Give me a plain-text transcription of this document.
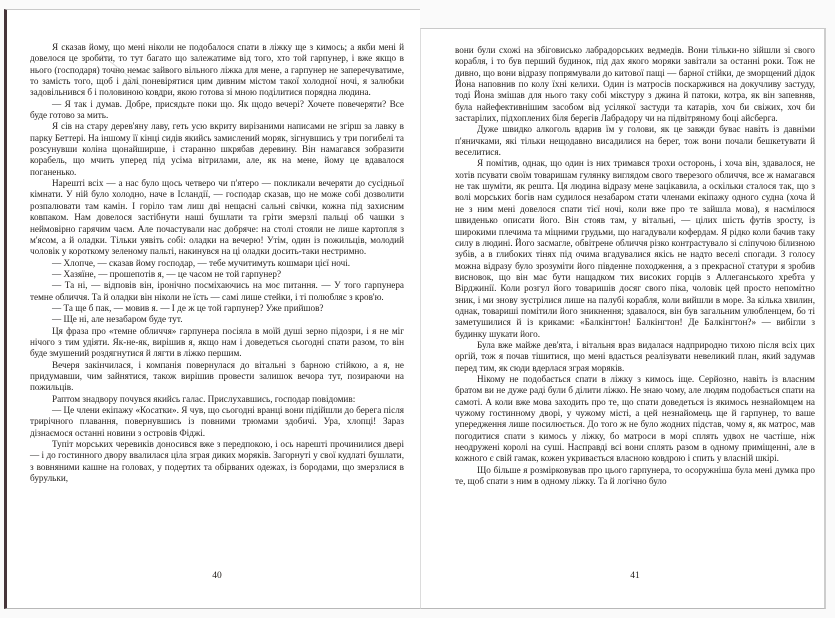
Я сказав йому, що мені ніколи не подобалося спати в ліжку ще з кимось; а якби мені й довелося це зробити, то тут багато що залежатиме від того, хто той гарпунер, і вже якщо в нього (господаря) точно немає зайвого вільного ліжка для мене, а гарпунер не заперечуватиме, то замість того, щоб і далі поневірятися цим дивним містом такої холодної ночі, я залюбки задовільнився б і половиною ковдри, якою готова зі мною поділитися порядна людина.

— Я так і думав. Добре, присядьте поки що. Як щодо вечері? Хочете повечеряти? Все буде готово за мить.

Я сів на стару дерев'яну лаву, геть усю вкриту вирізаними написами не згірш за лавку в парку Беттері. На іншому її кінці сидів якийсь замислений моряк, зігнувшись у три погибелі та розсунувши коліна щонайширше, і старанно шкрябав деревину. Він намагався зобразити корабель, що мчить уперед під усіма вітрилами, але, як на мене, йому це вдавалося поганенько.

Нарешті всіх — а нас було щось четверо чи п'ятеро — покликали вечеряти до сусідньої кімнати. У ній було холодно, наче в Ісландії, — господар сказав, що не може собі дозволити розпалювати там камін. І горіло там лиш дві нещасні сальні свічки, кожна під захисним ковпаком. Нам довелося застібнути наші бушлати та гріти змерзлі пальці об чашки з неймовірно гарячим чаєм. Але почастували нас добряче: на столі стояли не лише картопля з м'ясом, а й оладки. Тільки уявіть собі: оладки на вечерю! Утім, один із пожильців, молодий чоловік у короткому зеленому пальті, накинувся на ці оладки досить-таки нестримно.

— Хлопче, — сказав йому господар, — тебе мучитимуть кошмари цієї ночі.

— Хазяїне, — прошепотів я, — це часом не той гарпунер?

— Та ні, — відповів він, іронічно посміхаючись на моє питання. — У того гарпунера темне обличчя. Та й оладки він ніколи не їсть — самі лише стейки, і ті полюбляє з кров'ю.

— Та ще б пак, — мовив я. — І де ж це той гарпунер? Уже прийшов?

— Ще ні, але незабаром буде тут.

Ця фраза про «темне обличчя» гарпунера посіяла в моїй душі зерно підозри, і я не міг нічого з тим удіяти. Як-не-як, вирішив я, якщо нам і доведеться сьогодні спати разом, то він буде змушений роздягнутися й лягти в ліжко першим.

Вечеря закінчилася, і компанія повернулася до вітальні з барною стійкою, а я, не придумавши, чим зайнятися, також вирішив провести залишок вечора тут, позираючи на пожильців.

Раптом знадвору почувся якийсь галас. Прислухавшись, господар повідомив:

— Це члени екіпажу «Косатки». Я чув, що сьогодні вранці вони підійшли до берега після трирічного плавання, повернувшись із повними трюмами здобичі. Ура, хлопці! Зараз дізнаємося останні новини з островів Фіджі.

Тупіт морських черевиків доносився вже з передпокою, і ось нарешті прочинилися двері — і до гостинного двору ввалилася ціла зграя диких моряків. Загорнуті у свої кудлаті бушлати, з вовняними кашне на головах, у подертих та обірваних одежах, із бородами, що змерзлися в бурульки,

40

вони були схожі на збіговисько лабрадорських ведмедів. Вони тільки-но зійшли зі свого корабля, і то був перший будинок, під дах якого моряки завітали за останні роки. Тож не дивно, що вони відразу попрямували до китової пащі — барної стійки, де зморщений дідок Йона наповнив по колу їхні келихи. Один із матросів поскаржився на докучливу застуду, тоді Йона змішав для нього таку собі мікстуру з джина й патоки, котра, як він запевняв, була найефективнішим засобом від усілякої застуди та катарів, хоч би свіжих, хоч би застарілих, підхоплених біля берегів Лабрадору чи на підвітряному боці айсберга.

Дуже швидко алкоголь вдарив їм у голови, як це завжди буває навіть із давніми п'яничками, які тільки нещодавно висадилися на берег, тож вони почали бешкетувати й веселитися.

Я помітив, однак, що один із них тримався трохи осторонь, і хоча він, здавалося, не хотів псувати своїм товаришам гулянку виглядом свого тверезого обличчя, все ж намагався не так шуміти, як решта. Ця людина відразу мене зацікавила, а оскільки сталося так, що з волі морських богів нам судилося незабаром стати членами екіпажу одного судна (хоча й не з ним мені довелося спати тієї ночі, коли вже про те зайшла мова), я насмілюся швиденько описати його. Він стояв там, у вітальні, — цілих шість футів зросту, із широкими плечима та міцними грудьми, що нагадували кофердам. Я рідко коли бачив таку силу в людині. Його засмагле, обвітрене обличчя різко контрастувало зі сліпучою білизною зубів, а в глибоких тінях під очима вгадувалися якісь не надто веселі спогади. З голосу можна відразу було зрозуміти його південне походження, а з прекрасної статури я зробив висновок, що він має бути нащадком тих високих горців з Аллеганського хребта у Вірджинії. Коли розгул його товаришів досяг свого піка, чоловік цей просто непомітно зник, і ми знову зустрілися лише на палубі корабля, коли вийшли в море. За кілька хвилин, однак, товариші помітили його зникнення; здавалося, він був загальним улюбленцем, бо ті заметушилися й із криками: «Балкінгтон! Балкінгтон! Де Балкінгтон?» — вибігли з будинку шукати його.

Була вже майже дев'ята, і вітальня враз видалася надприродно тихою після всіх цих оргій, тож я почав тішитися, що мені вдасться реалізувати невеликий план, який задумав перед тим, як сюди вдерлася зграя моряків.

Нікому не подобається спати в ліжку з кимось іще. Серйозно, навіть із власним братом ви не дуже раді були б ділити ліжко. Не знаю чому, але людям подобається спати на самоті. А коли вже мова заходить про те, що спати доведеться із якимось незнайомцем на чужому гостинному дворі, у чужому місті, а цей незнайомець ще й гарпунер, то ваше упередження лише посилюється. До того ж не було жодних підстав, чому я, як матрос, мав погодитися спати з кимось у ліжку, бо матроси в морі сплять удвох не частіше, ніж неодружені королі на суші. Насправді всі вони сплять разом в одному приміщенні, але в кожного є свій гамак, кожен укривається власною ковдрою і спить у власній шкірі.

Що більше я розмірковував про цього гарпунера, то осоружніша була мені думка про те, щоб спати з ним в одному ліжку. Та й логічно було

41
